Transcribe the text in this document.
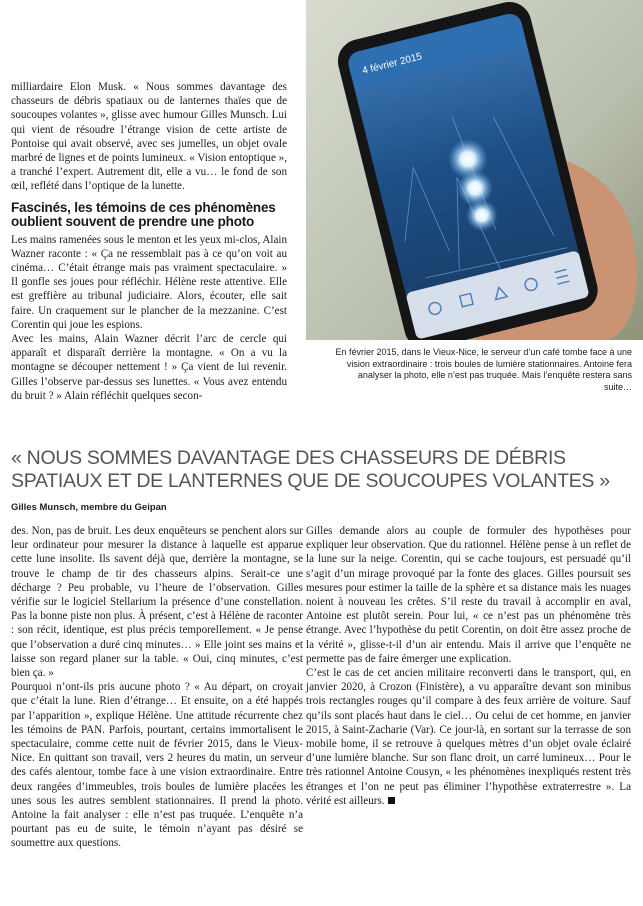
milliardaire Elon Musk. « Nous sommes davantage des chasseurs de débris spatiaux ou de lanternes thaïes que de soucoupes volantes », glisse avec humour Gilles Munsch. Lui qui vient de résoudre l’étrange vision de cette artiste de Pontoise qui avait observé, avec ses jumelles, un objet ovale marbré de lignes et de points lumineux. « Vision entoptique », a tranché l’expert. Autrement dit, elle a vu… le fond de son œil, reflété dans l’optique de la lunette.

Fascinés, les témoins de ces phénomènes oublient souvent de prendre une photo

Les mains ramenées sous le menton et les yeux mi-clos, Alain Wazner raconte : « Ça ne ressemblait pas à ce qu’on voit au cinéma… C’était étrange mais pas vraiment spectaculaire. » Il gonfle ses joues pour réfléchir. Hélène reste attentive. Elle est greffière au tribunal judiciaire. Alors, écouter, elle sait faire. Un craquement sur le plancher de la mezzanine. C’est Corentin qui joue les espions.

Avec les mains, Alain Wazner décrit l’arc de cercle qui apparaît et disparaît derrière la montagne. « On a vu la montagne se découper nettement ! » Ça vient de lui revenir. Gilles l’observe par-dessus ses lunettes. « Vous avez entendu du bruit ? » Alain réfléchit quelques secon-

4 février 2015
En février 2015, dans le Vieux-Nice, le serveur d’un café tombe face à une vision extraordinaire : trois boules de lumière stationnaires. Antoine fera analyser la photo, elle n’est pas truquée. Mais l’enquête restera sans suite…

« NOUS SOMMES DAVANTAGE DES CHASSEURS DE DÉBRIS SPATIAUX ET DE LANTERNES QUE DE SOUCOUPES VOLANTES »

Gilles Munsch, membre du Geipan

des. Non, pas de bruit. Les deux enquêteurs se penchent alors sur leur ordinateur pour mesurer la distance à laquelle est apparue cette lune insolite. Ils savent déjà que, derrière la montagne, se trouve le champ de tir des chasseurs alpins. Serait-ce une décharge ? Peu probable, vu l’heure de l’observation. Gilles vérifie sur le logiciel Stellarium la présence d’une constellation. Pas la bonne piste non plus. À présent, c’est à Hélène de raconter : son récit, identique, est plus précis temporellement. « Je pense que l’observation a duré cinq minutes… » Elle joint ses mains et laisse son regard planer sur la table. « Oui, cinq minutes, c’est bien ça. »

Pourquoi n’ont-ils pris aucune photo ? « Au départ, on croyait que c’était la lune. Rien d’étrange… Et ensuite, on a été happés par l’apparition », explique Hélène. Une attitude récurrente chez les témoins de PAN. Parfois, pourtant, certains immortalisent le spectaculaire, comme cette nuit de février 2015, dans le Vieux-Nice. En quittant son travail, vers 2 heures du matin, un serveur des cafés alentour, tombe face à une vision extraordinaire. Entre deux rangées d’immeubles, trois boules de lumière placées les unes sous les autres semblent stationnaires. Il prend la photo. Antoine la fait analyser : elle n’est pas truquée. L’enquête n’a pourtant pas eu de suite, le témoin n’ayant pas désiré se soumettre aux questions.

Gilles demande alors au couple de formuler des hypothèses pour expliquer leur observation. Que du rationnel. Hélène pense à un reflet de la lune sur la neige. Corentin, qui se cache toujours, est persuadé qu’il s’agit d’un mirage provoqué par la fonte des glaces. Gilles poursuit ses mesures pour estimer la taille de la sphère et sa distance mais les nuages noient à nouveau les crêtes. S’il reste du travail à accomplir en aval, Antoine est plutôt serein. Pour lui, « ce n’est pas un phénomène très étrange. Avec l’hypothèse du petit Corentin, on doit être assez proche de la vérité », glisse-t-il d’un air entendu. Mais il arrive que l’enquête ne permette pas de faire émerger une explication.

C’est le cas de cet ancien militaire reconverti dans le transport, qui, en janvier 2020, à Crozon (Finistère), a vu apparaître devant son minibus trois rectangles rouges qu’il compare à des feux arrière de voiture. Sauf qu’ils sont placés haut dans le ciel… Ou celui de cet homme, en janvier 2015, à Saint-Zacharie (Var). Ce jour-là, en sortant sur la terrasse de son mobile home, il se retrouve à quelques mètres d’un objet ovale éclairé d’une lumière blanche. Sur son flanc droit, un carré lumineux… Pour le très rationnel Antoine Cousyn, « les phénomènes inexpliqués restent très étranges et l’on ne peut pas éliminer l’hypothèse extraterrestre ». La vérité est ailleurs.
